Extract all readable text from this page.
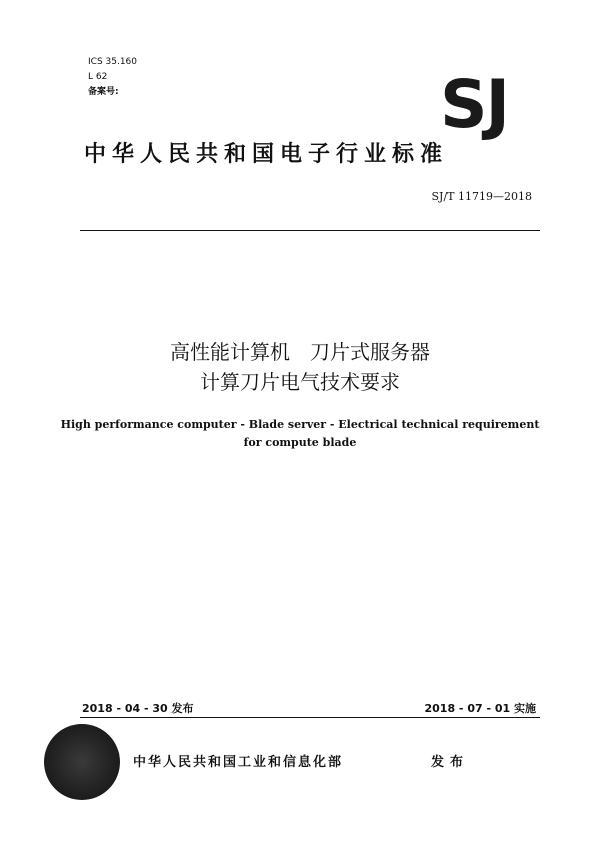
ICS 35.160
L 62
备案号:	SJ
中华人民共和国电子行业标准
SJ/T 11719—2018
高性能计算机　刀片式服务器
计算刀片电气技术要求
High performance computer - Blade server - Electrical technical requirement
for compute blade
2018 - 04 - 30 发布	2018 - 07 - 01 实施
中华人民共和国工业和信息化部	发布
